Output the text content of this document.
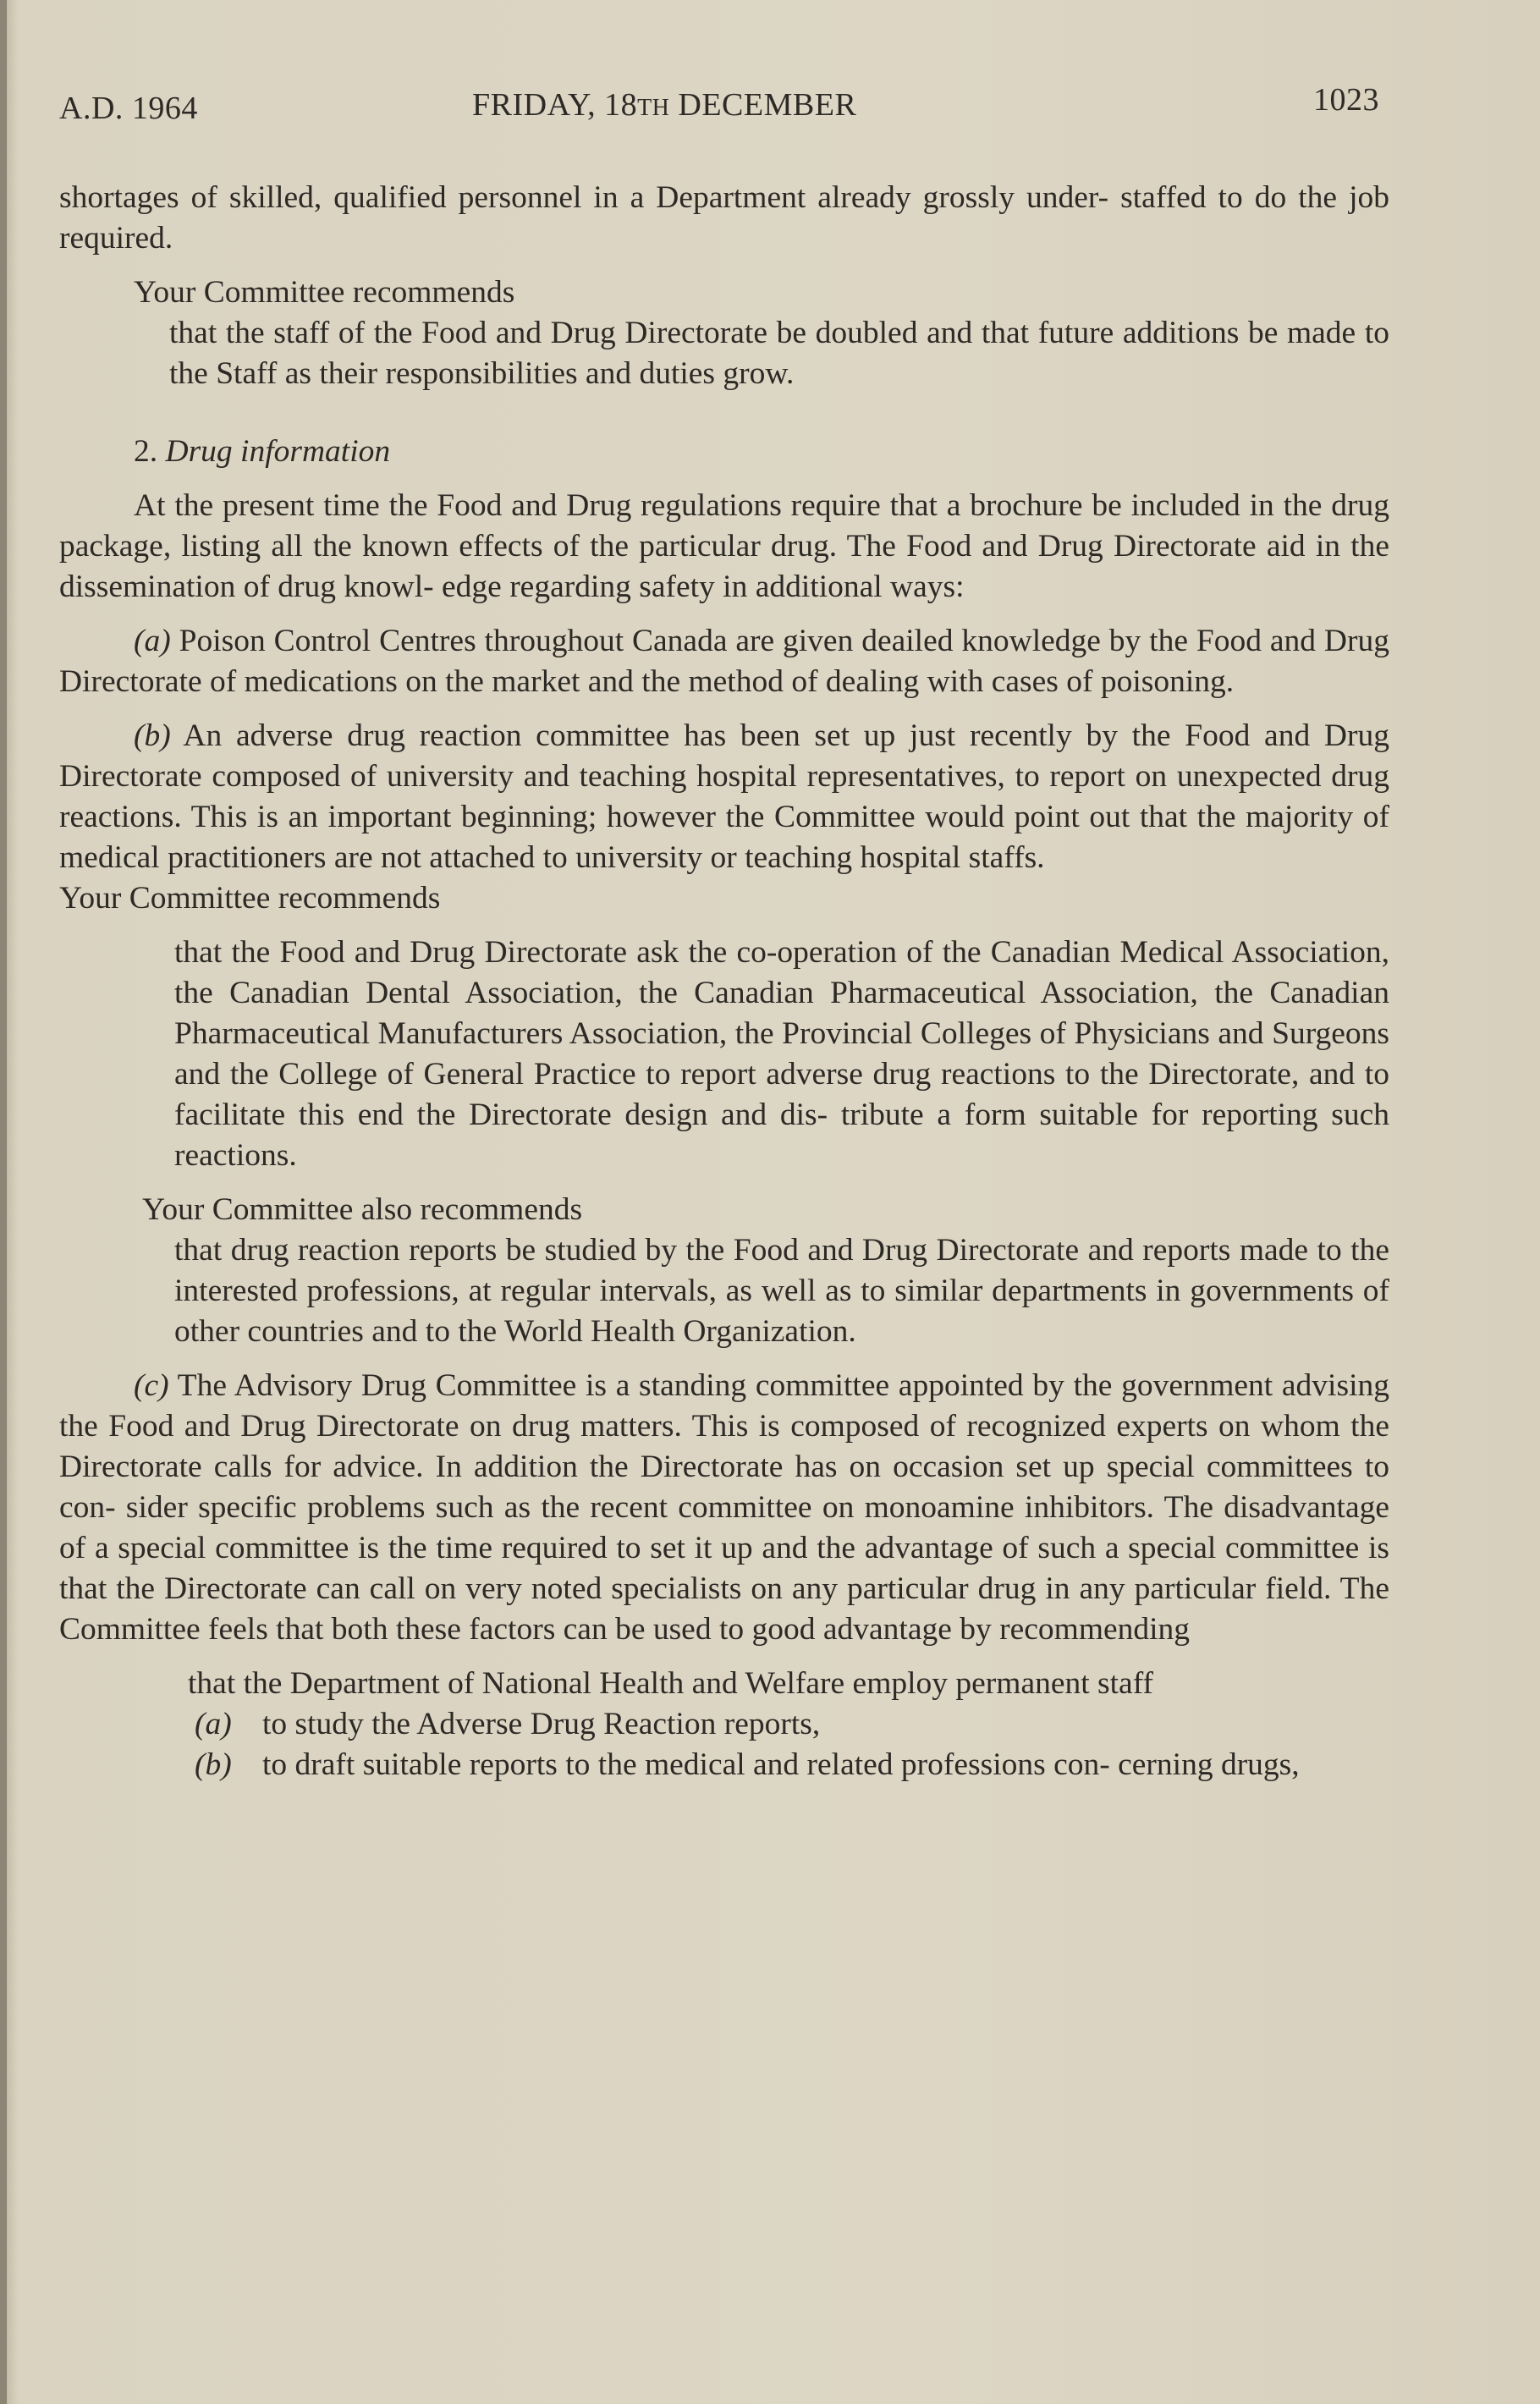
A.D. 1964	FRIDAY, 18TH DECEMBER	1023

shortages of skilled, qualified personnel in a Department already grossly under- staffed to do the job required.

Your Committee recommends

that the staff of the Food and Drug Directorate be doubled and that future additions be made to the Staff as their responsibilities and duties grow.

2. Drug information

At the present time the Food and Drug regulations require that a brochure be included in the drug package, listing all the known effects of the particular drug. The Food and Drug Directorate aid in the dissemination of drug knowl- edge regarding safety in additional ways:

(a) Poison Control Centres throughout Canada are given deailed knowledge by the Food and Drug Directorate of medications on the market and the method of dealing with cases of poisoning.

(b) An adverse drug reaction committee has been set up just recently by the Food and Drug Directorate composed of university and teaching hospital representatives, to report on unexpected drug reactions. This is an important beginning; however the Committee would point out that the majority of medical practitioners are not attached to university or teaching hospital staffs.

Your Committee recommends

that the Food and Drug Directorate ask the co-operation of the Canadian Medical Association, the Canadian Dental Association, the Canadian Pharmaceutical Association, the Canadian Pharmaceutical Manufacturers Association, the Provincial Colleges of Physicians and Surgeons and the College of General Practice to report adverse drug reactions to the Directorate, and to facilitate this end the Directorate design and dis- tribute a form suitable for reporting such reactions.

Your Committee also recommends

that drug reaction reports be studied by the Food and Drug Directorate and reports made to the interested professions, at regular intervals, as well as to similar departments in governments of other countries and to the World Health Organization.

(c) The Advisory Drug Committee is a standing committee appointed by the government advising the Food and Drug Directorate on drug matters. This is composed of recognized experts on whom the Directorate calls for advice. In addition the Directorate has on occasion set up special committees to con- sider specific problems such as the recent committee on monoamine inhibitors. The disadvantage of a special committee is the time required to set it up and the advantage of such a special committee is that the Directorate can call on very noted specialists on any particular drug in any particular field. The Committee feels that both these factors can be used to good advantage by recommending

that the Department of National Health and Welfare employ permanent staff

(a) to study the Adverse Drug Reaction reports,
(b) to draft suitable reports to the medical and related professions con- cerning drugs,
